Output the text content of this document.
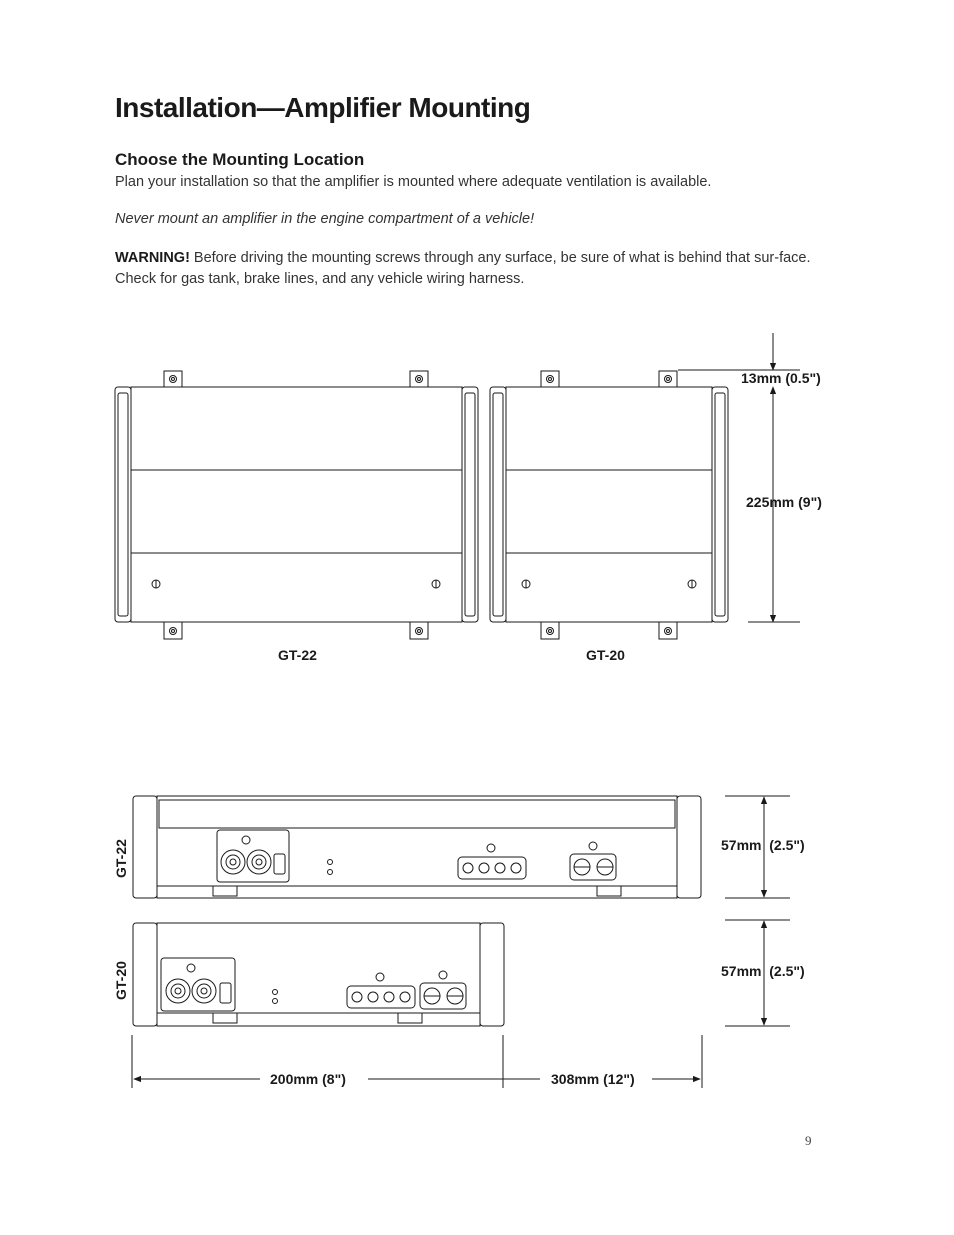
Installation—Amplifier Mounting
Choose the Mounting Location

Plan your installation so that the amplifier is mounted where adequate ventilation is available.

Never mount an amplifier in the engine compartment of a vehicle!

WARNING! Before driving the mounting screws through any surface, be sure of what is behind that sur-face. Check for gas tank, brake lines, and any vehicle wiring harness.

GT-22	GT-20
13mm (0.5")
225mm (9")
GT-22
GT-20
57mm  (2.5")
57mm  (2.5")
200mm (8")	308mm (12")
9
